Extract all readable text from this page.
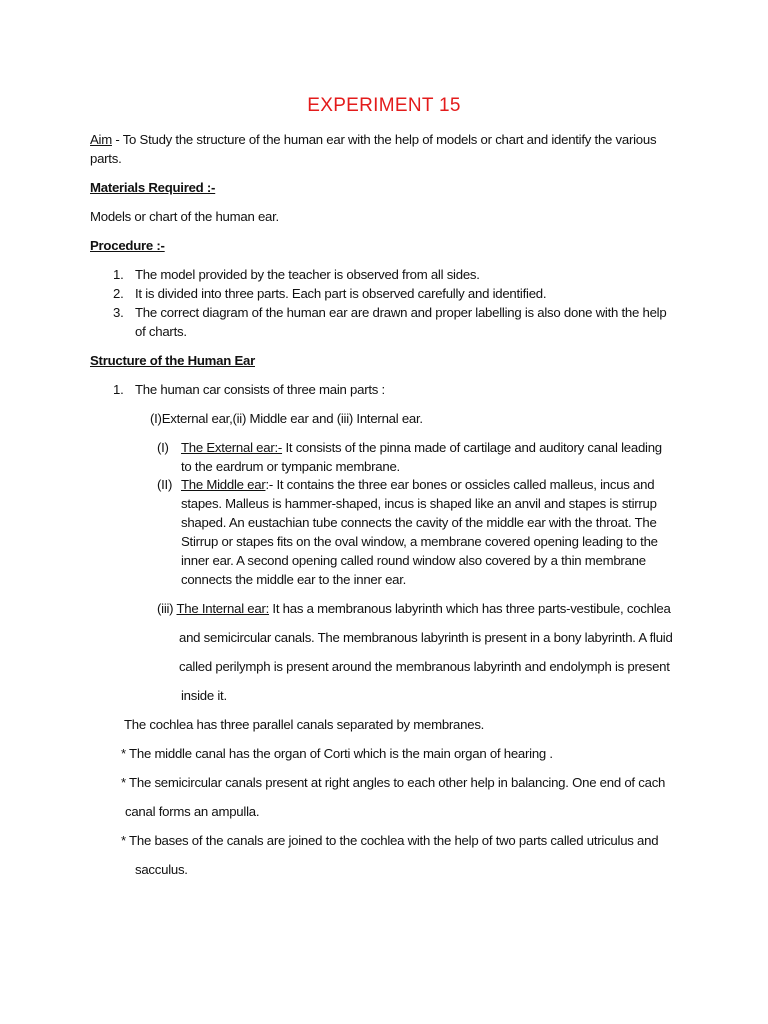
EXPERIMENT 15
Aim - To Study the structure of the human ear with the help of models or chart and identify the various
parts.
Materials Required :-
Models or chart of the human ear.
Procedure :-
1. The model provided by the teacher is observed from all sides.
2. It is divided into three parts. Each part is observed carefully and identified.
3. The correct diagram of the human ear are drawn and proper labelling is also done with the help
of charts.
Structure of the Human Ear
1. The human car consists of three main parts :
(I)External ear,(ii) Middle ear and (iii) Internal ear.
(I) The External ear:- It consists of the pinna made of cartilage and auditory canal leading
to the eardrum or tympanic membrane.
(II) The Middle ear:- It contains the three ear bones or ossicles called malleus, incus and
stapes. Malleus is hammer-shaped, incus is shaped like an anvil and stapes is stirrup
shaped. An eustachian tube connects the cavity of the middle ear with the throat. The
Stirrup or stapes fits on the oval window, a membrane covered opening leading to the
inner ear. A second opening called round window also covered by a thin membrane
connects the middle ear to the inner ear.
(iii) The Internal ear: It has a membranous labyrinth which has three parts-vestibule, cochlea
and semicircular canals. The membranous labyrinth is present in a bony labyrinth. A fluid
called perilymph is present around the membranous labyrinth and endolymph is present
inside it.
The cochlea has three parallel canals separated by membranes.
* The middle canal has the organ of Corti which is the main organ of hearing .
* The semicircular canals present at right angles to each other help in balancing. One end of cach
canal forms an ampulla.
* The bases of the canals are joined to the cochlea with the help of two parts called utriculus and
sacculus.
